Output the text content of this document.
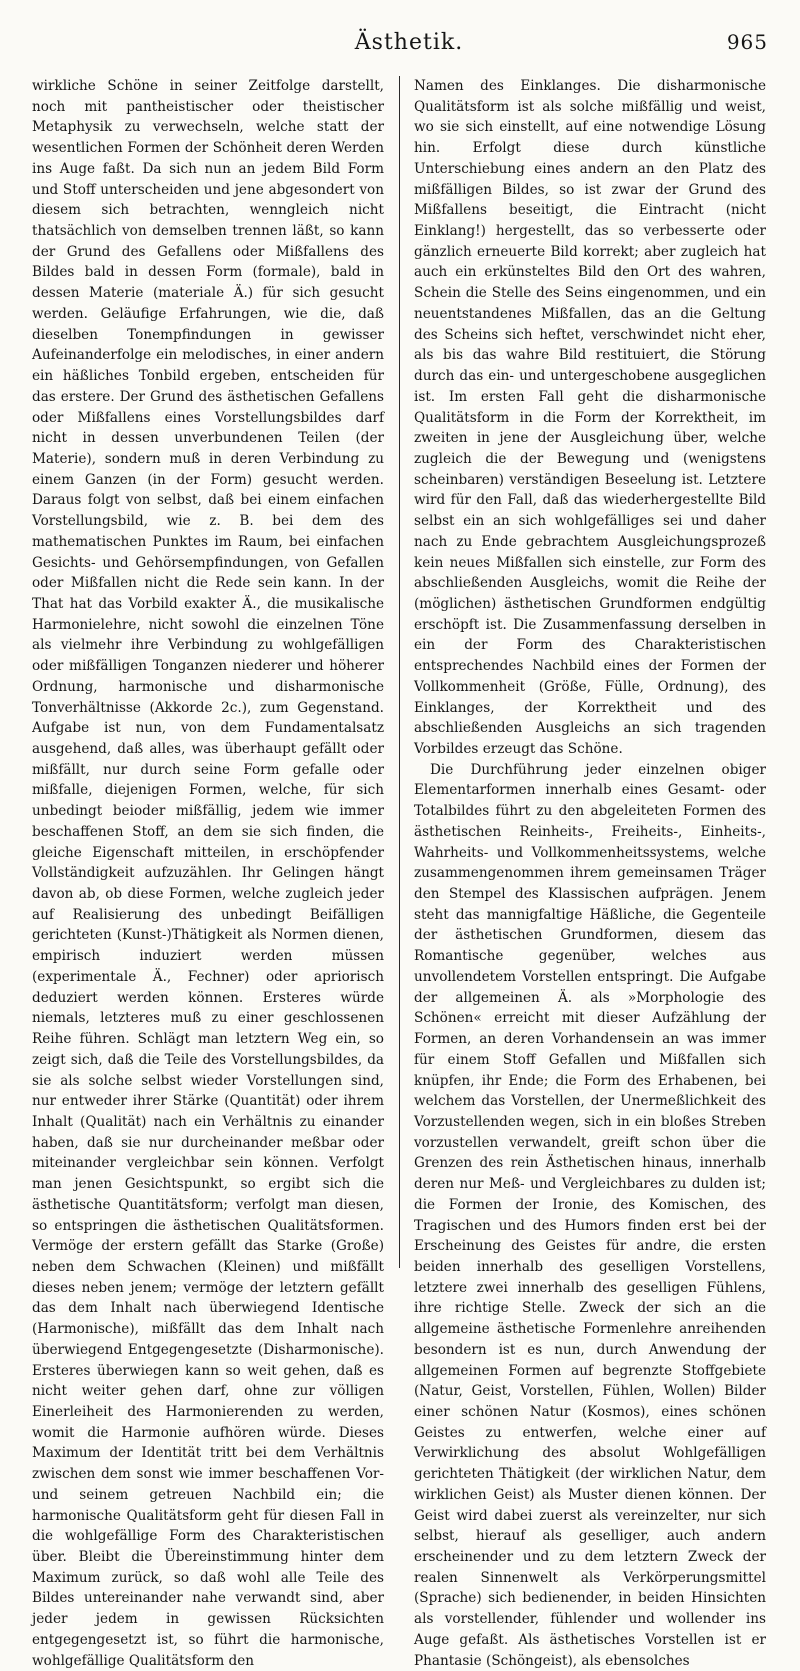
Ästhetik.	965

wirkliche Schöne in seiner Zeitfolge darstellt, noch mit pantheistischer oder theistischer Metaphysik zu verwechseln, welche statt der wesentlichen Formen der Schönheit deren Werden ins Auge faßt. Da sich nun an jedem Bild Form und Stoff unterscheiden und jene abgesondert von diesem sich betrachten, wenngleich nicht thatsächlich von demselben trennen läßt, so kann der Grund des Gefallens oder Mißfallens des Bildes bald in dessen Form (formale), bald in dessen Materie (materiale Ä.) für sich gesucht werden. Geläufige Erfahrungen, wie die, daß dieselben Tonempfindungen in gewisser Aufeinanderfolge ein melodisches, in einer andern ein häßliches Tonbild ergeben, entscheiden für das erstere. Der Grund des ästhetischen Gefallens oder Mißfallens eines Vorstellungsbildes darf nicht in dessen unverbundenen Teilen (der Materie), sondern muß in deren Verbindung zu einem Ganzen (in der Form) gesucht werden. Daraus folgt von selbst, daß bei einem einfachen Vorstellungsbild, wie z. B. bei dem des mathematischen Punktes im Raum, bei einfachen Gesichts- und Gehörsempfindungen, von Gefallen oder Mißfallen nicht die Rede sein kann. In der That hat das Vorbild exakter Ä., die musikalische Harmonielehre, nicht sowohl die einzelnen Töne als vielmehr ihre Verbindung zu wohlgefälligen oder mißfälligen Tonganzen niederer und höherer Ordnung, harmonische und disharmonische Tonverhältnisse (Akkorde 2c.), zum Gegenstand. Aufgabe ist nun, von dem Fundamentalsatz ausgehend, daß alles, was überhaupt gefällt oder mißfällt, nur durch seine Form gefalle oder mißfalle, diejenigen Formen, welche, für sich unbedingt beioder mißfällig, jedem wie immer beschaffenen Stoff, an dem sie sich finden, die gleiche Eigenschaft mitteilen, in erschöpfender Vollständigkeit aufzuzählen. Ihr Gelingen hängt davon ab, ob diese Formen, welche zugleich jeder auf Realisierung des unbedingt Beifälligen gerichteten (Kunst-)Thätigkeit als Normen dienen, empirisch induziert werden müssen (experimentale Ä., Fechner) oder apriorisch deduziert werden können. Ersteres würde niemals, letzteres muß zu einer geschlossenen Reihe führen. Schlägt man letztern Weg ein, so zeigt sich, daß die Teile des Vorstellungsbildes, da sie als solche selbst wieder Vorstellungen sind, nur entweder ihrer Stärke (Quantität) oder ihrem Inhalt (Qualität) nach ein Verhältnis zu einander haben, daß sie nur durcheinander meßbar oder miteinander vergleichbar sein können. Verfolgt man jenen Gesichtspunkt, so ergibt sich die ästhetische Quantitätsform; verfolgt man diesen, so entspringen die ästhetischen Qualitätsformen. Vermöge der erstern gefällt das Starke (Große) neben dem Schwachen (Kleinen) und mißfällt dieses neben jenem; vermöge der letztern gefällt das dem Inhalt nach überwiegend Identische (Harmonische), mißfällt das dem Inhalt nach überwiegend Entgegengesetzte (Disharmonische). Ersteres überwiegen kann so weit gehen, daß es nicht weiter gehen darf, ohne zur völligen Einerleiheit des Harmonierenden zu werden, womit die Harmonie aufhören würde. Dieses Maximum der Identität tritt bei dem Verhältnis zwischen dem sonst wie immer beschaffenen Vor- und seinem getreuen Nachbild ein; die harmonische Qualitätsform geht für diesen Fall in die wohlgefällige Form des Charakteristischen über. Bleibt die Übereinstimmung hinter dem Maximum zurück, so daß wohl alle Teile des Bildes untereinander nahe verwandt sind, aber jeder jedem in gewissen Rücksichten entgegengesetzt ist, so führt die harmonische, wohlgefällige Qualitätsform den

Namen des Einklanges. Die disharmonische Qualitätsform ist als solche mißfällig und weist, wo sie sich einstellt, auf eine notwendige Lösung hin. Erfolgt diese durch künstliche Unterschiebung eines andern an den Platz des mißfälligen Bildes, so ist zwar der Grund des Mißfallens beseitigt, die Eintracht (nicht Einklang!) hergestellt, das so verbesserte oder gänzlich erneuerte Bild korrekt; aber zugleich hat auch ein erkünsteltes Bild den Ort des wahren, Schein die Stelle des Seins eingenommen, und ein neuentstandenes Mißfallen, das an die Geltung des Scheins sich heftet, verschwindet nicht eher, als bis das wahre Bild restituiert, die Störung durch das ein- und untergeschobene ausgeglichen ist. Im ersten Fall geht die disharmonische Qualitätsform in die Form der Korrektheit, im zweiten in jene der Ausgleichung über, welche zugleich die der Bewegung und (wenigstens scheinbaren) verständigen Beseelung ist. Letztere wird für den Fall, daß das wiederhergestellte Bild selbst ein an sich wohlgefälliges sei und daher nach zu Ende gebrachtem Ausgleichungsprozeß kein neues Mißfallen sich einstelle, zur Form des abschließenden Ausgleichs, womit die Reihe der (möglichen) ästhetischen Grundformen endgültig erschöpft ist. Die Zusammenfassung derselben in ein der Form des Charakteristischen entsprechendes Nachbild eines der Formen der Vollkommenheit (Größe, Fülle, Ordnung), des Einklanges, der Korrektheit und des abschließenden Ausgleichs an sich tragenden Vorbildes erzeugt das Schöne.

Die Durchführung jeder einzelnen obiger Elementarformen innerhalb eines Gesamt- oder Totalbildes führt zu den abgeleiteten Formen des ästhetischen Reinheits-, Freiheits-, Einheits-, Wahrheits- und Vollkommenheitssystems, welche zusammengenommen ihrem gemeinsamen Träger den Stempel des Klassischen aufprägen. Jenem steht das mannigfaltige Häßliche, die Gegenteile der ästhetischen Grundformen, diesem das Romantische gegenüber, welches aus unvollendetem Vorstellen entspringt. Die Aufgabe der allgemeinen Ä. als »Morphologie des Schönen« erreicht mit dieser Aufzählung der Formen, an deren Vorhandensein an was immer für einem Stoff Gefallen und Mißfallen sich knüpfen, ihr Ende; die Form des Erhabenen, bei welchem das Vorstellen, der Unermeßlichkeit des Vorzustellenden wegen, sich in ein bloßes Streben vorzustellen verwandelt, greift schon über die Grenzen des rein Ästhetischen hinaus, innerhalb deren nur Meß- und Vergleichbares zu dulden ist; die Formen der Ironie, des Komischen, des Tragischen und des Humors finden erst bei der Erscheinung des Geistes für andre, die ersten beiden innerhalb des geselligen Vorstellens, letztere zwei innerhalb des geselligen Fühlens, ihre richtige Stelle. Zweck der sich an die allgemeine ästhetische Formenlehre anreihenden besondern ist es nun, durch Anwendung der allgemeinen Formen auf begrenzte Stoffgebiete (Natur, Geist, Vorstellen, Fühlen, Wollen) Bilder einer schönen Natur (Kosmos), eines schönen Geistes zu entwerfen, welche einer auf Verwirklichung des absolut Wohlgefälligen gerichteten Thätigkeit (der wirklichen Natur, dem wirklichen Geist) als Muster dienen können. Der Geist wird dabei zuerst als vereinzelter, nur sich selbst, hierauf als geselliger, auch andern erscheinender und zu dem letztern Zweck der realen Sinnenwelt als Verkörperungsmittel (Sprache) sich bedienender, in beiden Hinsichten als vorstellender, fühlender und wollender ins Auge gefaßt. Als ästhetisches Vorstellen ist er Phantasie (Schöngeist), als ebensolches
